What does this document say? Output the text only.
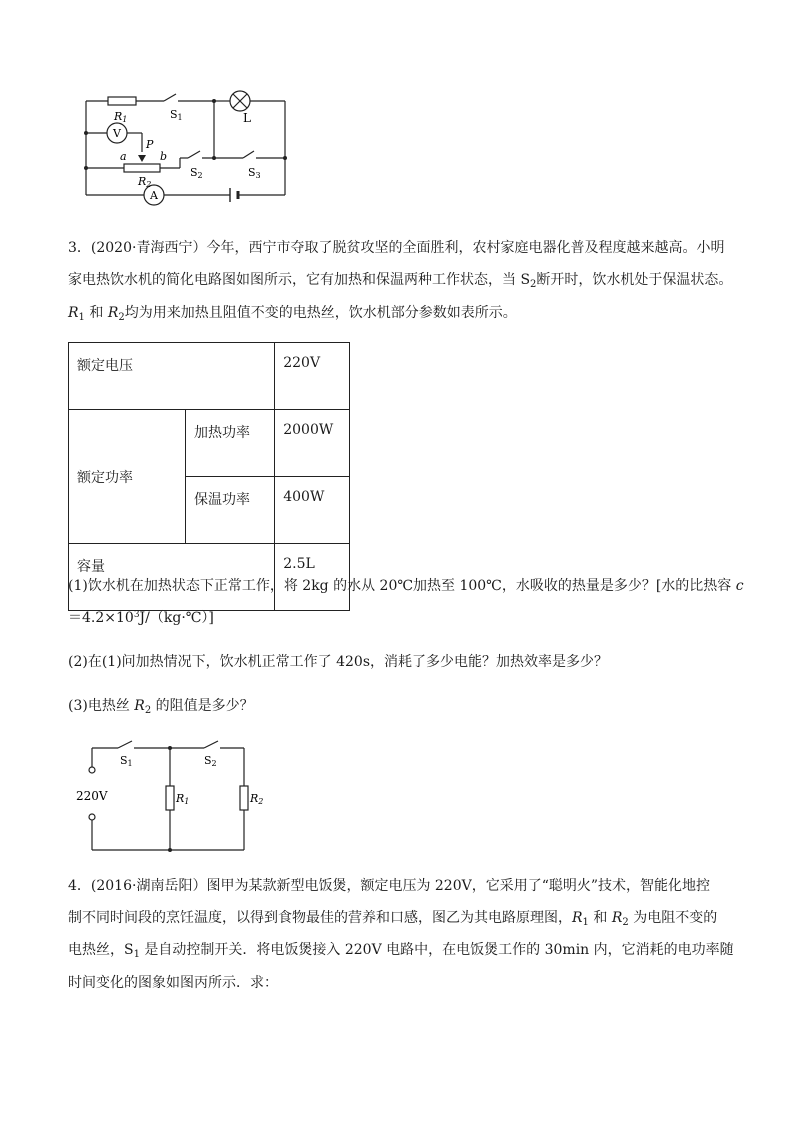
R1	S1	L
V
P
a	b
R2
S2	S3
A
3．(2020·青海西宁）今年，西宁市夺取了脱贫攻坚的全面胜利，农村家庭电器化普及程度越来越高。小明
家电热饮水机的简化电路图如图所示，它有加热和保温两种工作状态，当 $S_2$断开时，饮水机处于保温状态。
$R_1$ 和 $R_2$均为用来加热且阻值不变的电热丝，饮水机部分参数如表所示。
额定电压		220V
额定功率	加热功率	2000W
	保温功率	400W
容量		2.5L
(1)饮水机在加热状态下正常工作，将 2kg 的水从 20℃加热至 100℃，水吸收的热量是多少？[水的比热容 c
$=4.2\times 10^3J/(kg\cdot℃)$]
(2)在(1)问加热情况下，饮水机正常工作了 420s，消耗了多少电能？加热效率是多少？
(3)电热丝 $R_2$ 的阻值是多少？
S1	S2
220V	R1	R2
4．(2016·湖南岳阳）图甲为某款新型电饭煲，额定电压为 220V，它采用了“聪明火”技术，智能化地控
制不同时间段的烹饪温度，以得到食物最佳的营养和口感，图乙为其电路原理图，$R_1$ 和 $R_2$ 为电阻不变的
电热丝，$S_1$ 是自动控制开关．将电饭煲接入 220V 电路中，在电饭煲工作的 30min 内，它消耗的电功率随
时间变化的图象如图丙所示．求：
